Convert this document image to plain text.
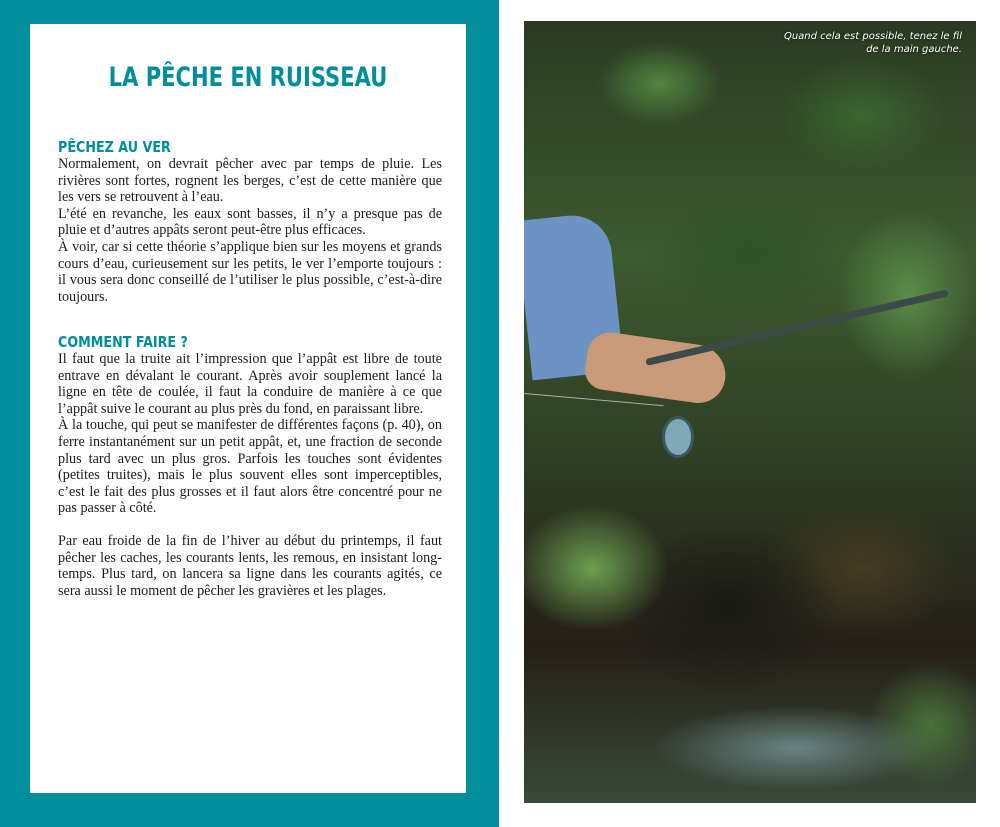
LA PÊCHE EN RUISSEAU
PÊCHEZ AU VER

Normalement, on devrait pêcher avec par temps de pluie. Les rivières sont fortes, rognent les berges, c’est de cette manière que les vers se retrouvent à l’eau.

L’été en revanche, les eaux sont basses, il n’y a presque pas de pluie et d’autres appâts seront peut-être plus efficaces.

À voir, car si cette théorie s’applique bien sur les moyens et grands cours d’eau, curieusement sur les petits, le ver l’emporte toujours : il vous sera donc conseillé de l’utiliser le plus possible, c’est-à-dire toujours.

COMMENT FAIRE ?

Il faut que la truite ait l’impression que l’appât est libre de toute entrave en dévalant le courant. Après avoir souplement lancé la ligne en tête de coulée, il faut la conduire de manière à ce que l’appât suive le courant au plus près du fond, en paraissant libre.

À la touche, qui peut se manifester de différentes façons (p. 40), on ferre instantanément sur un petit appât, et, une fraction de seconde plus tard avec un plus gros. Parfois les touches sont évidentes (petites truites), mais le plus souvent elles sont imperceptibles, c’est le fait des plus grosses et il faut alors être concentré pour ne pas passer à côté.

Par eau froide de la fin de l’hiver au début du printemps, il faut pêcher les caches, les courants lents, les remous, en insistant long-temps. Plus tard, on lancera sa ligne dans les courants agités, ce sera aussi le moment de pêcher les gravières et les plages.

Quand cela est possible, tenez le fil
de la main gauche.
